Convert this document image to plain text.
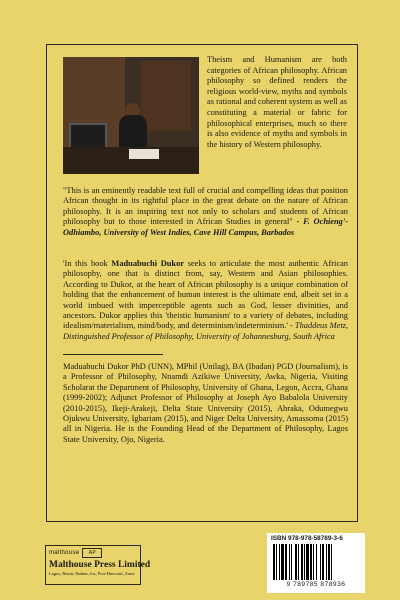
Theism and Humanism are both categories of African philosophy. African philosophy so defined renders the religious world-view, myths and symbols as rational and coherent system as well as constituting a material or fabric for philosophical enterprises, much so there is also evidence of myths and symbols in the history of Western philosophy.

"This is an eminently readable text full of crucial and compelling ideas that position African thought in its rightful place in the great debate on the nature of African philosophy. It is an inspiring text not only to scholars and students of African philosophy but to those interested in African Studies in general" - F. Ochieng'-Odhiambo, University of West Indies, Cave Hill Campus, Barbados

'In this book Maduabuchi Dukor seeks to articulate the most authentic African philosophy, one that is distinct from, say, Western and Asian philosophies. According to Dukor, at the heart of African philosophy is a unique combination of holding that the enhancement of human interest is the ultimate end, albeit set in a world imbued with imperceptible agents such as God, lesser divinities, and ancestors. Dukor applies this 'theistic humanism' to a variety of debates, including idealism/materialism, mind/body, and determinism/indeterminism.' - Thaddeus Metz, Distinguished Professor of Philosophy, University of Johannesburg, South Africa

Maduabuchi Dukor PhD (UNN), MPhil (Unilag), BA (Ibadan) PGD (Journalism), is a Professor of Philosophy, Nnamdi Azikiwe University, Awka, Nigeria, Visiting Scholarat the Department of Philosophy, University of Ghana, Legon, Accra, Ghana (1999-2002); Adjunct Professor of Philosophy at Joseph Ayo Babalola University (2010-2015), Ikeji-Arakeji, Delta State University (2015), Abraka, Odumegwu Ojukwu University, Igbariam (2015), and Niger Delta University, Amassoma (2015) all in Nigeria. He is the Founding Head of the Department of Philosophy, Lagos State University, Ojo, Nigeria.

malthouse	AP
Malthouse Press Limited
Lagos, Benin, Ibadan, Jos, Port-Harcourt, Zaria
ISBN 978-978-58789-3-6
9 789785 878936
